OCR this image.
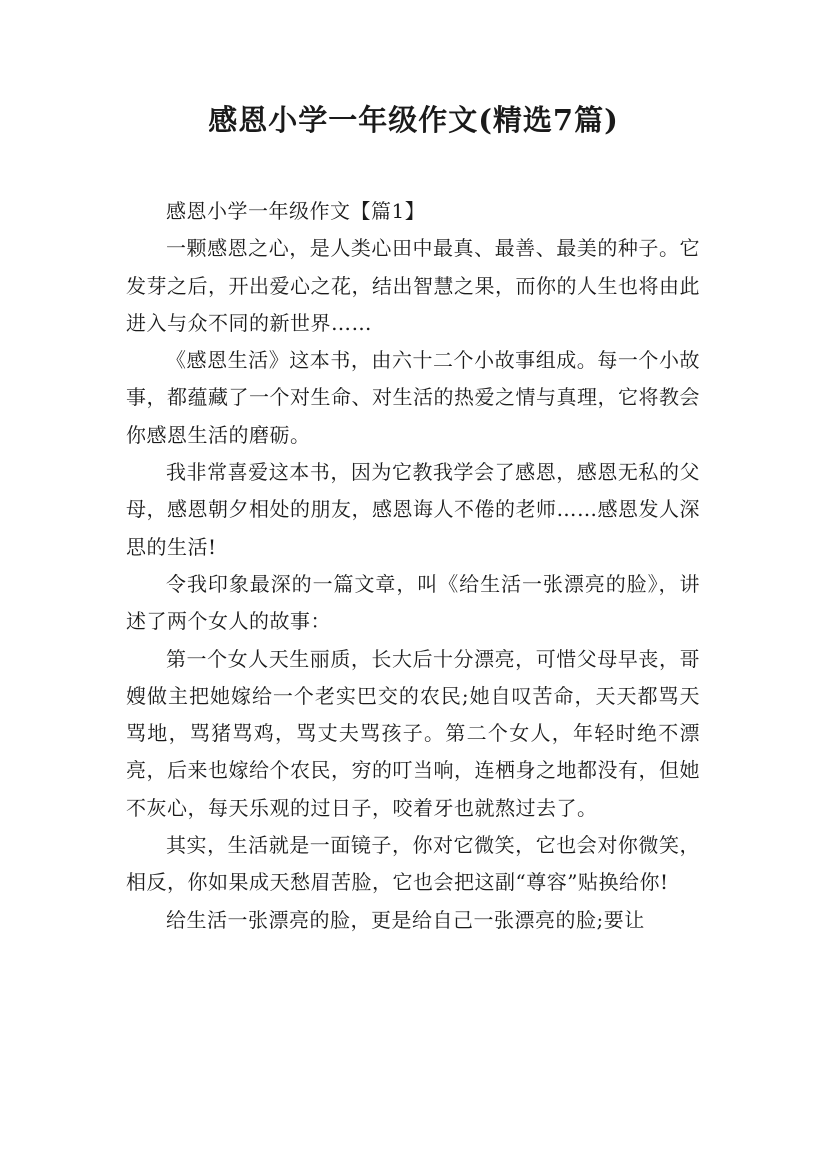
感恩小学一年级作文(精选7篇)

感恩小学一年级作文【篇1】

一颗感恩之心，是人类心田中最真、最善、最美的种子。它发芽之后，开出爱心之花，结出智慧之果，而你的人生也将由此进入与众不同的新世界……

《感恩生活》这本书，由六十二个小故事组成。每一个小故事，都蕴藏了一个对生命、对生活的热爱之情与真理，它将教会你感恩生活的磨砺。

我非常喜爱这本书，因为它教我学会了感恩，感恩无私的父母，感恩朝夕相处的朋友，感恩诲人不倦的老师……感恩发人深思的生活!

令我印象最深的一篇文章，叫《给生活一张漂亮的脸》，讲述了两个女人的故事：

第一个女人天生丽质，长大后十分漂亮，可惜父母早丧，哥嫂做主把她嫁给一个老实巴交的农民;她自叹苦命，天天都骂天骂地，骂猪骂鸡，骂丈夫骂孩子。第二个女人，年轻时绝不漂亮，后来也嫁给个农民，穷的叮当响，连栖身之地都没有，但她不灰心，每天乐观的过日子，咬着牙也就熬过去了。

其实，生活就是一面镜子，你对它微笑，它也会对你微笑，相反，你如果成天愁眉苦脸，它也会把这副“尊容”贴换给你!

给生活一张漂亮的脸，更是给自己一张漂亮的脸;要让
